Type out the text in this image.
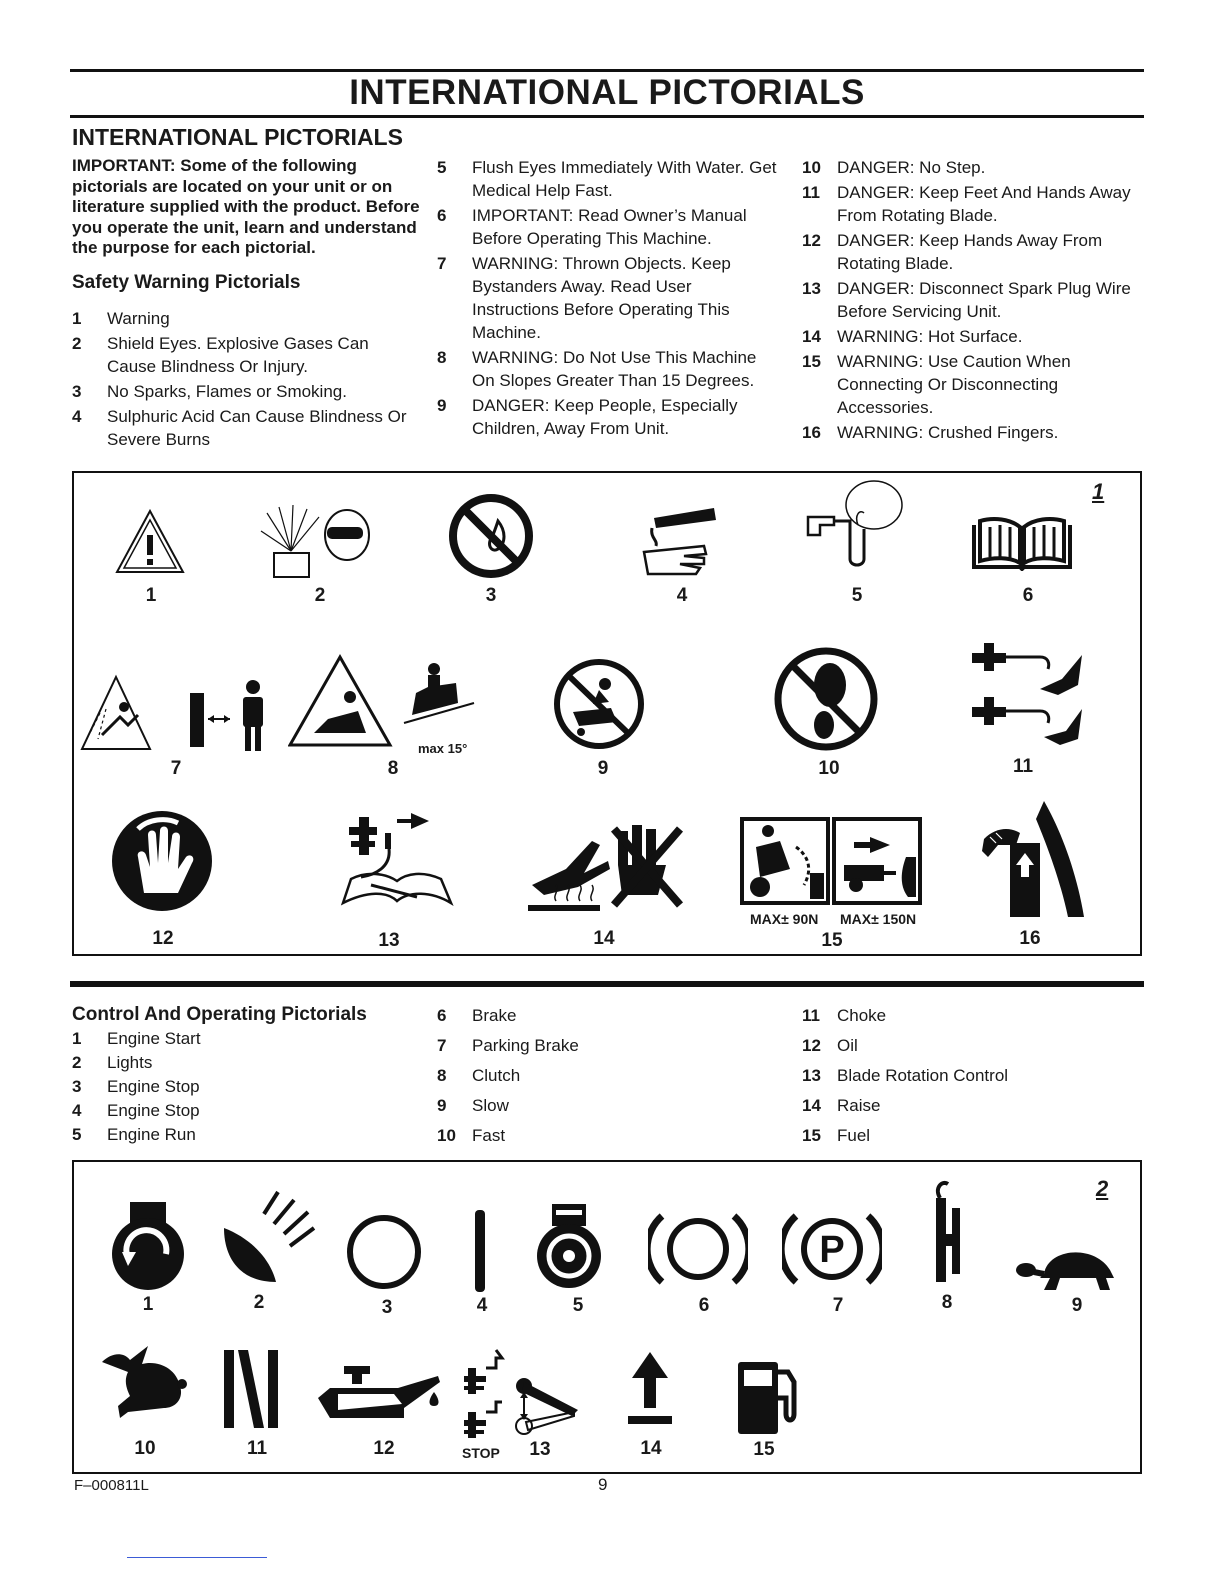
INTERNATIONAL PICTORIALS
INTERNATIONAL PICTORIALS
IMPORTANT: Some of the following pictorials are located on your unit or on literature supplied with the product. Before you operate the unit, learn and understand the purpose for each pictorial.
Safety Warning Pictorials
1 Warning
2 Shield Eyes. Explosive Gases Can Cause Blindness Or Injury.
3 No Sparks, Flames or Smoking.
4 Sulphuric Acid Can Cause Blindness Or Severe Burns
5 Flush Eyes Immediately With Water. Get Medical Help Fast.
6 IMPORTANT: Read Owner’s Manual Before Operating This Machine.
7 WARNING: Thrown Objects. Keep Bystanders Away. Read User Instructions Before Operating This Machine.
8 WARNING: Do Not Use This Machine On Slopes Greater Than 15 Degrees.
9 DANGER: Keep People, Especially Children, Away From Unit.
10 DANGER: No Step.
11 DANGER: Keep Feet And Hands Away From Rotating Blade.
12 DANGER: Keep Hands Away From Rotating Blade.
13 DANGER: Disconnect Spark Plug Wire Before Servicing Unit.
14 WARNING: Hot Surface.
15 WARNING: Use Caution When Connecting Or Disconnecting Accessories.
16 WARNING: Crushed Fingers.
1
1	2	3	4	5	6
7
max 15°
8	9	10	11
12	13	14
MAX± 90N MAX± 150N
15	16
Control And Operating Pictorials
1 Engine Start
2 Lights
3 Engine Stop
4 Engine Stop
5 Engine Run
6 Brake
7 Parking Brake
8 Clutch
9 Slow
10 Fast
11 Choke
12 Oil
13 Blade Rotation Control
14 Raise
15 Fuel
2
1	2	3	4	5	6
P
7	8	9
10	11	12	STOP	13	14	15
F–000811L	9
